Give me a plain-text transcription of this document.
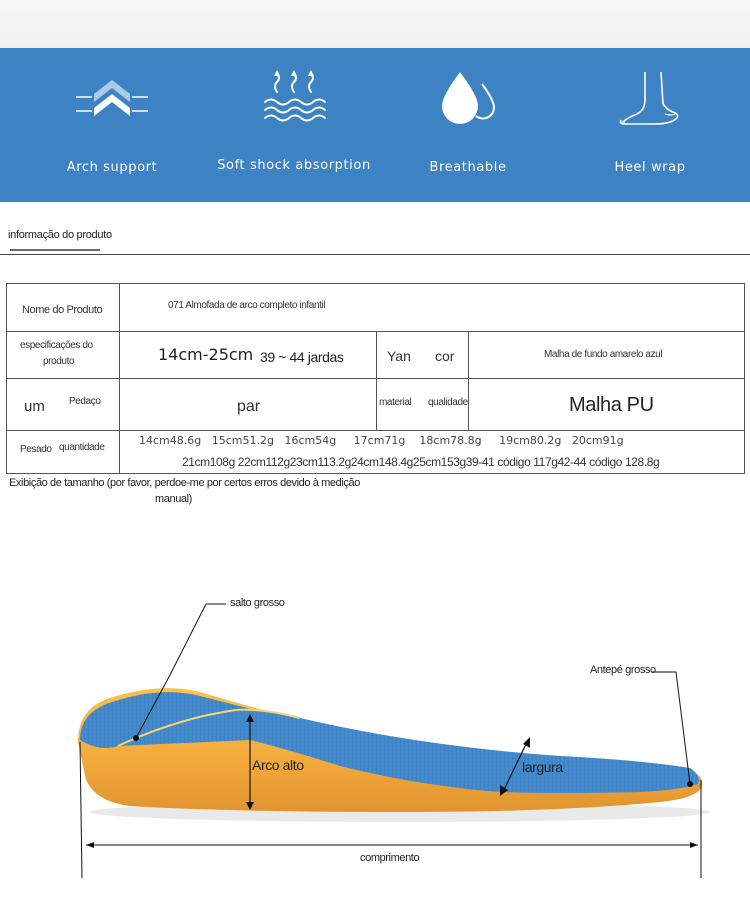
Arch support	Soft shock absorption	Breathable	Heel wrap
informação do produto
Nome do Produto	071 Almofada de arco completo infantil		

especificações do
produto	14cm-25cm 39 ~ 44 jardas	Yan cor	Malha de fundo amarelo azul

um Pedaço	par	material qualidade	Malha PU

Pesado quantidade	14cm48.6g   15cm51.2g   16cm54g     17cm71g    18cm78.8g     19cm80.2g   20cm91g
21cm108g 22cm112g23cm113.2g24cm148.4g25cm153g39-41 código 117g42-44 código 128.8g		
Exibição de tamanho (por favor, perdoe-me por certos erros devido à medição
manual)
salto grosso
Antepé grosso
Arco alto	largura
comprimento
